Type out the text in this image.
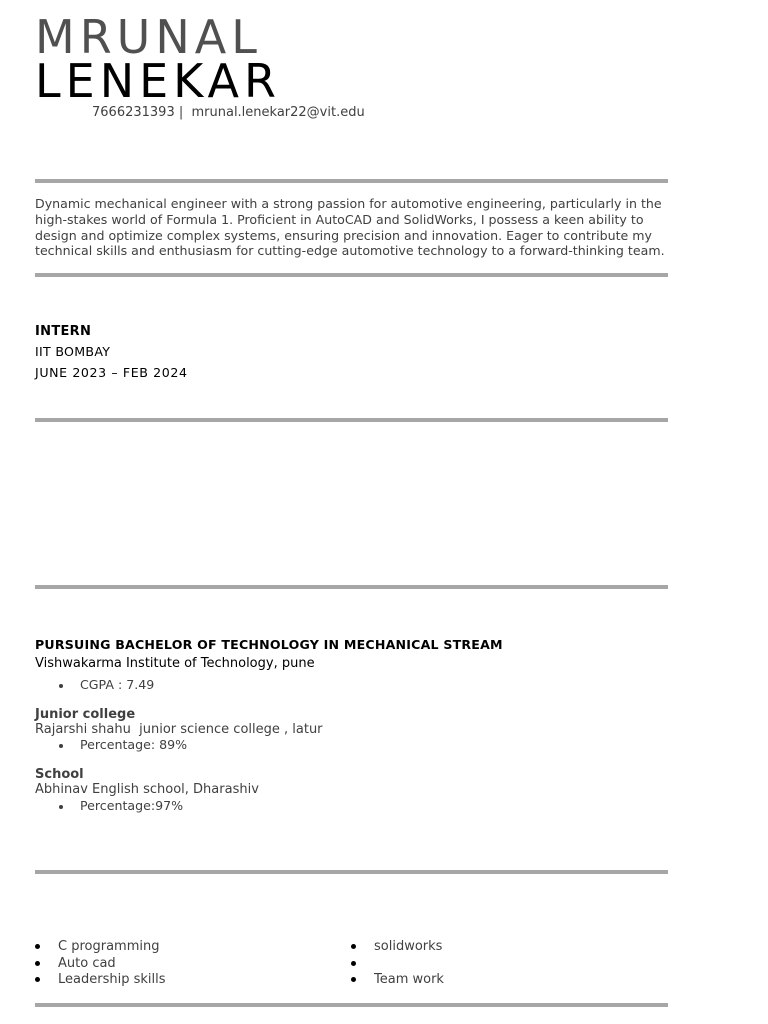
MRUNAL
LENEKAR
7666231393 |  mrunal.lenekar22@vit.edu
Dynamic mechanical engineer with a strong passion for automotive engineering, particularly in the high-stakes world of Formula 1. Proficient in AutoCAD and SolidWorks, I possess a keen ability to design and optimize complex systems, ensuring precision and innovation. Eager to contribute my technical skills and enthusiasm for cutting-edge automotive technology to a forward-thinking team.
INTERN
IIT BOMBAY
JUNE 2023 – FEB 2024
PURSUING BACHELOR OF TECHNOLOGY IN MECHANICAL STREAM
Vishwakarma Institute of Technology, pune
CGPA : 7.49
Junior college
Rajarshi shahu  junior science college , latur
Percentage: 89%
School
Abhinav English school, Dharashiv
Percentage:97%
C programming
Auto cad
Leadership skills
solidworks
Team work
